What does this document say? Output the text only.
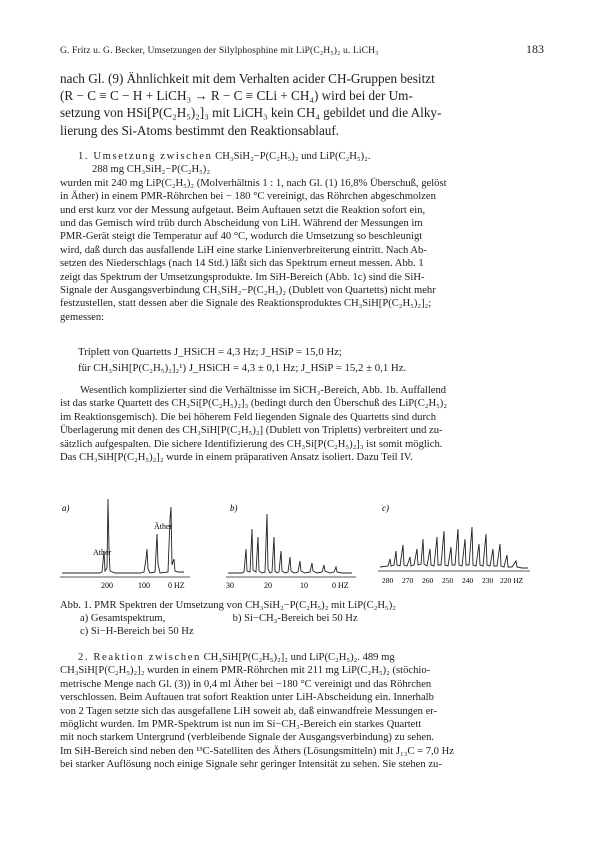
G. Fritz u. G. Becker, Umsetzungen der Silylphosphine mit LiP(C₂H₅)₂ u. LiCH₃	183
nach Gl. (9) Ähnlichkeit mit dem Verhalten acider CH-Gruppen besitzt
(R − C ≡ C − H + LiCH₃ → R − C ≡ CLi + CH₄) wird bei der Um-
setzung von HSi[P(C₂H₅)₂]₃ mit LiCH₃ kein CH₄ gebildet und die Alky-
lierung des Si-Atoms bestimmt den Reaktionsablauf.
1. Umsetzung zwischen CH₃SiH₂−P(C₂H₅)₂ und LiP(C₂H₅)₂.
288 mg CH₃SiH₂−P(C₂H₅)₂
wurden mit 240 mg LiP(C₂H₅)₂ (Molverhältnis 1 : 1, nach Gl. (1) 16,8% Überschuß, gelöst
in Äther) in einem PMR-Röhrchen bei − 180 °C vereinigt, das Röhrchen abgeschmolzen
und erst kurz vor der Messung aufgetaut. Beim Auftauen setzt die Reaktion sofort ein,
und das Gemisch wird trüb durch Abscheidung von LiH. Während der Messungen im
PMR-Gerät steigt die Temperatur auf 40 °C, wodurch die Umsetzung so beschleunigt
wird, daß durch das ausfallende LiH eine starke Linienverbreiterung eintritt. Nach Ab-
setzen des Niederschlags (nach 14 Std.) läßt sich das Spektrum erneut messen. Abb. 1
zeigt das Spektrum der Umsetzungsprodukte. Im SiH-Bereich (Abb. 1c) sind die SiH-
Signale der Ausgangsverbindung CH₃SiH₂−P(C₂H₅)₂ (Dublett von Quartetts) nicht mehr
festzustellen, statt dessen aber die Signale des Reaktionsproduktes CH₃SiH[P(C₂H₅)₂]₂;
gemessen:
Triplett von Quartetts J_HSiCH = 4,3 Hz; J_HSiP = 15,0 Hz;
für CH₃SiH[P(C₂H₅)₂]₂¹) J_HSiCH = 4,3 ± 0,1 Hz; J_HSiP = 15,2 ± 0,1 Hz.
Wesentlich komplizierter sind die Verhältnisse im SiCH₃-Bereich, Abb. 1b. Auffallend
ist das starke Quartett des CH₃Si[P(C₂H₅)₂]₃ (bedingt durch den Überschuß des LiP(C₂H₅)₂
im Reaktionsgemisch). Die bei höherem Feld liegenden Signale des Quartetts sind durch
Überlagerung mit denen des CH₃SiH[P(C₂H₅)₂] (Dublett von Tripletts) verbreitert und zu-
sätzlich aufgespalten. Die sichere Identifizierung des CH₃Si[P(C₂H₅)₂]₃ ist somit möglich.
Das CH₃SiH[P(C₂H₅)₂]₂ wurde in einem präparativen Ansatz isoliert. Dazu Teil IV.
a)
Ather
Äther
200	100 0 HZ
b)
30	20	10	0 HZ
c)
280 270 260 250 240 230 220 HZ
Abb. 1. PMR Spektren der Umsetzung von CH₃SiH₂−P(C₂H₅)₂ mit LiP(C₂H₅)₂
a) Gesamtspektrum,	b) Si−CH₃-Bereich bei 50 Hz
c) Si−H-Bereich bei 50 Hz
2. Reaktion zwischen CH₃SiH[P(C₂H₅)₂]₂ und LiP(C₂H₅)₂. 489 mg
CH₃SiH[P(C₂H₅)₂]₂ wurden in einem PMR-Röhrchen mit 211 mg LiP(C₂H₅)₂ (stöchio-
metrische Menge nach Gl. (3)) in 0,4 ml Äther bei −180 °C vereinigt und das Röhrchen
verschlossen. Beim Auftauen trat sofort Reaktion unter LiH-Abscheidung ein. Innerhalb
von 2 Tagen setzte sich das ausgefallene LiH soweit ab, daß einwandfreie Messungen er-
möglicht wurden. Im PMR-Spektrum ist nun im Si−CH₃-Bereich ein starkes Quartett
mit noch starkem Untergrund (verbleibende Signale der Ausgangsverbindung) zu sehen.
Im SiH-Bereich sind neben den ¹³C-Satelliten des Äthers (Lösungsmitteln) mit J₁₃C = 7,0 Hz
bei starker Auflösung noch einige Signale sehr geringer Intensität zu sehen. Sie stehen zu-
